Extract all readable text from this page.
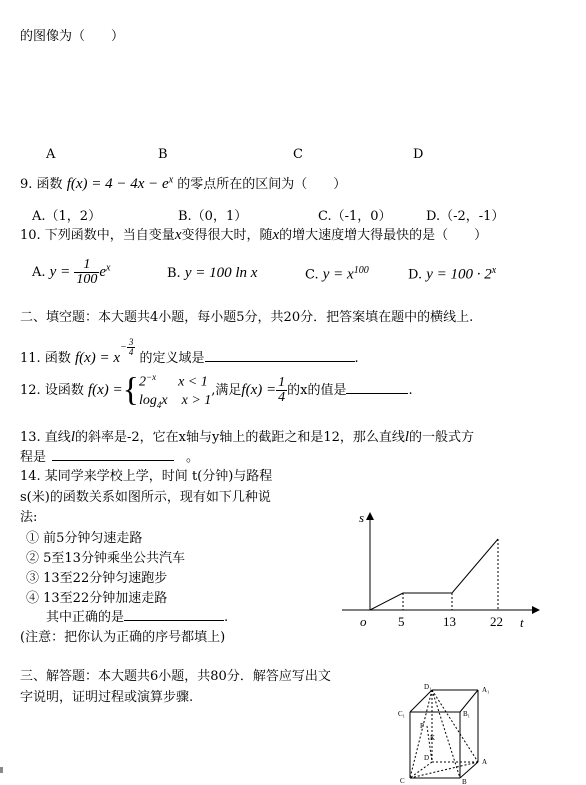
的图像为（　　）
A	B	C	D
9. 函数 $f(x) = 4 - 4x - e^x$ 的零点所在的区间为（　　）
A.（1，2）	B.（0，1）	C.（-1，0）	D.（-2，-1）
10. 下列函数中，当自变量x变得很大时，随x的增大速度增大得最快的是（　　）
A. $y = \frac{1}{100} e^x$	B. y = 100 ln x	C. $y = x^{100}$	D. $y = 100 \cdot 2^x$
二、填空题：本大题共4小题，每小题5分，共20分．把答案填在题中的横线上.
11. 函数 $f(x) = x- \frac{3}{4}$
的定义域是	.
12. 设函数 f(x) ={ $2^{-x}$ x < 1
$\log_4x$ x > 1
,满足$f(x) = \frac{1}{4}$ 的x的值是	.
13. 直线l的斜率是-2，它在x轴与y轴上的截距之和是12，那么直线l的一般式方
程是	。
14. 某同学来学校上学，时间 t(分钟)与路程
s(米)的函数关系如图所示，现有如下几种说
法:
① 前5分钟匀速走路
② 5至13分钟乘坐公共汽车
③ 13至22分钟匀速跑步
④ 13至22分钟加速走路
其中正确的是	.
(注意：把你认为正确的序号都填上)
s
t
o 5	13	22
三、解答题：本大题共6小题，共80分．解答应写出文
字说明，证明过程或演算步骤.
D₁	A₁
C₁	B₁
P
K
D	A
C	B
